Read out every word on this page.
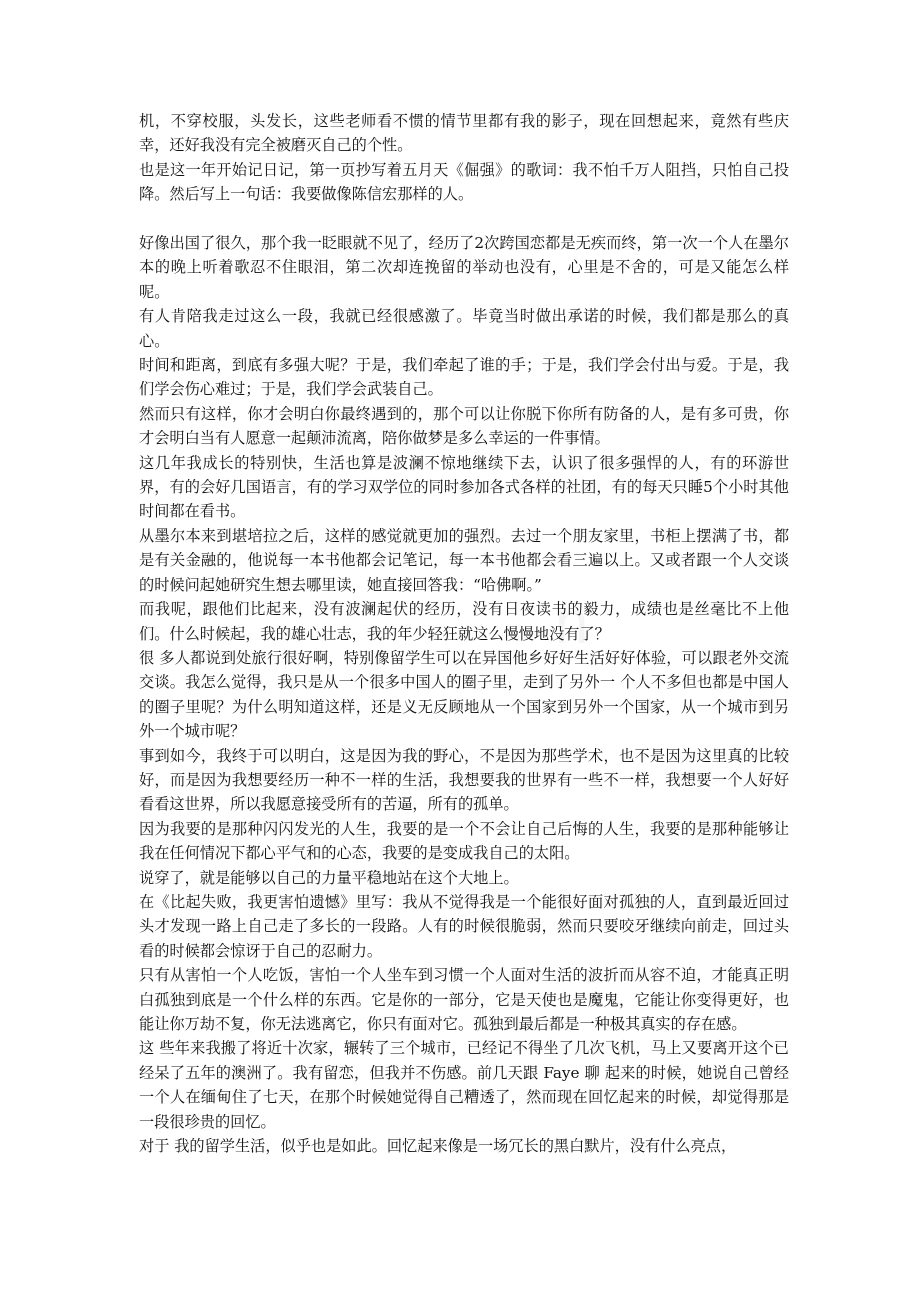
机，不穿校服，头发长，这些老师看不惯的情节里都有我的影子，现在回想起来，竟然有些庆幸，还好我没有完全被磨灭自己的个性。

也是这一年开始记日记，第一页抄写着五月天《倔强》的歌词：我不怕千万人阻挡，只怕自己投降。然后写上一句话：我要做像陈信宏那样的人。

好像出国了很久，那个我一眨眼就不见了，经历了2次跨国恋都是无疾而终，第一次一个人在墨尔本的晚上听着歌忍不住眼泪，第二次却连挽留的举动也没有，心里是不舍的，可是又能怎么样呢。

有人肯陪我走过这么一段，我就已经很感激了。毕竟当时做出承诺的时候，我们都是那么的真心。

时间和距离，到底有多强大呢？于是，我们牵起了谁的手；于是，我们学会付出与爱。于是，我们学会伤心难过；于是，我们学会武装自己。

然而只有这样，你才会明白你最终遇到的，那个可以让你脱下你所有防备的人，是有多可贵，你才会明白当有人愿意一起颠沛流离，陪你做梦是多么幸运的一件事情。

这几年我成长的特别快，生活也算是波澜不惊地继续下去，认识了很多强悍的人，有的环游世界，有的会好几国语言，有的学习双学位的同时参加各式各样的社团，有的每天只睡5个小时其他时间都在看书。

从墨尔本来到堪培拉之后，这样的感觉就更加的强烈。去过一个朋友家里，书柜上摆满了书，都是有关金融的，他说每一本书他都会记笔记，每一本书他都会看三遍以上。又或者跟一个人交谈的时候问起她研究生想去哪里读，她直接回答我：“哈佛啊。”

而我呢，跟他们比起来，没有波澜起伏的经历，没有日夜读书的毅力，成绩也是丝毫比不上他们。什么时候起，我的雄心壮志，我的年少轻狂就这么慢慢地没有了？

很 多人都说到处旅行很好啊，特别像留学生可以在异国他乡好好生活好好体验，可以跟老外交流交谈。我怎么觉得，我只是从一个很多中国人的圈子里，走到了另外一 个人不多但也都是中国人的圈子里呢？为什么明知道这样，还是义无反顾地从一个国家到另外一个国家，从一个城市到另外一个城市呢？

事到如今，我终于可以明白，这是因为我的野心，不是因为那些学术，也不是因为这里真的比较好，而是因为我想要经历一种不一样的生活，我想要我的世界有一些不一样，我想要一个人好好看看这世界，所以我愿意接受所有的苦逼，所有的孤单。

因为我要的是那种闪闪发光的人生，我要的是一个不会让自己后悔的人生，我要的是那种能够让我在任何情况下都心平气和的心态，我要的是变成我自己的太阳。

说穿了，就是能够以自己的力量平稳地站在这个大地上。

在《比起失败，我更害怕遗憾》里写：我从不觉得我是一个能很好面对孤独的人，直到最近回过头才发现一路上自己走了多长的一段路。人有的时候很脆弱，然而只要咬牙继续向前走，回过头看的时候都会惊讶于自己的忍耐力。

只有从害怕一个人吃饭，害怕一个人坐车到习惯一个人面对生活的波折而从容不迫，才能真正明白孤独到底是一个什么样的东西。它是你的一部分，它是天使也是魔鬼，它能让你变得更好，也能让你万劫不复，你无法逃离它，你只有面对它。孤独到最后都是一种极其真实的存在感。

这 些年来我搬了将近十次家，辗转了三个城市，已经记不得坐了几次飞机，马上又要离开这个已经呆了五年的澳洲了。我有留恋，但我并不伤感。前几天跟 Faye 聊 起来的时候，她说自己曾经一个人在缅甸住了七天，在那个时候她觉得自己糟透了，然而现在回忆起来的时候，却觉得那是一段很珍贵的回忆。

对于 我的留学生活，似乎也是如此。回忆起来像是一场冗长的黑白默片，没有什么亮点，
